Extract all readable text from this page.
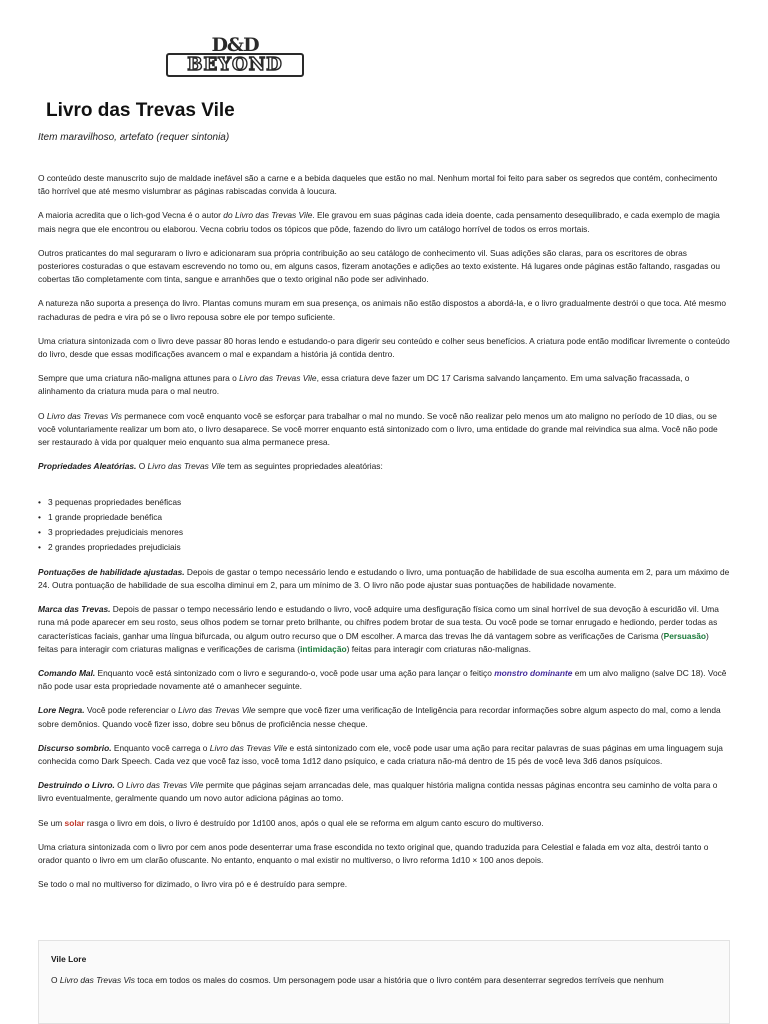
D&D
BEYOND
Livro das Trevas Vile

Item maravilhoso, artefato (requer sintonia)

O conteúdo deste manuscrito sujo de maldade inefável são a carne e a bebida daqueles que estão no mal. Nenhum mortal foi feito para saber os segredos que contém, conhecimento tão horrível que até mesmo vislumbrar as páginas rabiscadas convida à loucura.

A maioria acredita que o lich-god Vecna é o autor do Livro das Trevas Vile. Ele gravou em suas páginas cada ideia doente, cada pensamento desequilibrado, e cada exemplo de magia mais negra que ele encontrou ou elaborou. Vecna cobriu todos os tópicos que pôde, fazendo do livro um catálogo horrível de todos os erros mortais.

Outros praticantes do mal seguraram o livro e adicionaram sua própria contribuição ao seu catálogo de conhecimento vil. Suas adições são claras, para os escritores de obras posteriores costuradas o que estavam escrevendo no tomo ou, em alguns casos, fizeram anotações e adições ao texto existente. Há lugares onde páginas estão faltando, rasgadas ou cobertas tão completamente com tinta, sangue e arranhões que o texto original não pode ser adivinhado.

A natureza não suporta a presença do livro. Plantas comuns muram em sua presença, os animais não estão dispostos a abordá-la, e o livro gradualmente destrói o que toca. Até mesmo rachaduras de pedra e vira pó se o livro repousa sobre ele por tempo suficiente.

Uma criatura sintonizada com o livro deve passar 80 horas lendo e estudando-o para digerir seu conteúdo e colher seus benefícios. A criatura pode então modificar livremente o conteúdo do livro, desde que essas modificações avancem o mal e expandam a história já contida dentro.

Sempre que uma criatura não-maligna attunes para o Livro das Trevas Vile, essa criatura deve fazer um DC 17 Carisma salvando lançamento. Em uma salvação fracassada, o alinhamento da criatura muda para o mal neutro.

O Livro das Trevas Vis permanece com você enquanto você se esforçar para trabalhar o mal no mundo. Se você não realizar pelo menos um ato maligno no período de 10 dias, ou se você voluntariamente realizar um bom ato, o livro desaparece. Se você morrer enquanto está sintonizado com o livro, uma entidade do grande mal reivindica sua alma. Você não pode ser restaurado à vida por qualquer meio enquanto sua alma permanece presa.

Propriedades Aleatórias. O Livro das Trevas Vile tem as seguintes propriedades aleatórias:

• 3 pequenas propriedades benéficas
• 1 grande propriedade benéfica
• 3 propriedades prejudiciais menores
• 2 grandes propriedades prejudiciais

Pontuações de habilidade ajustadas. Depois de gastar o tempo necessário lendo e estudando o livro, uma pontuação de habilidade de sua escolha aumenta em 2, para um máximo de 24. Outra pontuação de habilidade de sua escolha diminui em 2, para um mínimo de 3. O livro não pode ajustar suas pontuações de habilidade novamente.

Marca das Trevas. Depois de passar o tempo necessário lendo e estudando o livro, você adquire uma desfiguração física como um sinal horrível de sua devoção à escuridão vil. Uma runa má pode aparecer em seu rosto, seus olhos podem se tornar preto brilhante, ou chifres podem brotar de sua testa. Ou você pode se tornar enrugado e hediondo, perder todas as características faciais, ganhar uma língua bifurcada, ou algum outro recurso que o DM escolher. A marca das trevas lhe dá vantagem sobre as verificações de Carisma (Persuasão) feitas para interagir com criaturas malignas e verificações de carisma (intimidação) feitas para interagir com criaturas não-malignas.

Comando Mal. Enquanto você está sintonizado com o livro e segurando-o, você pode usar uma ação para lançar o feitiço monstro dominante em um alvo maligno (salve DC 18). Você não pode usar esta propriedade novamente até o amanhecer seguinte.

Lore Negra. Você pode referenciar o Livro das Trevas Vile sempre que você fizer uma verificação de Inteligência para recordar informações sobre algum aspecto do mal, como a lenda sobre demônios. Quando você fizer isso, dobre seu bônus de proficiência nesse cheque.

Discurso sombrio. Enquanto você carrega o Livro das Trevas Vile e está sintonizado com ele, você pode usar uma ação para recitar palavras de suas páginas em uma linguagem suja conhecida como Dark Speech. Cada vez que você faz isso, você toma 1d12 dano psíquico, e cada criatura não-má dentro de 15 pés de você leva 3d6 danos psíquicos.

Destruindo o Livro. O Livro das Trevas Vile permite que páginas sejam arrancadas dele, mas qualquer história maligna contida nessas páginas encontra seu caminho de volta para o livro eventualmente, geralmente quando um novo autor adiciona páginas ao tomo.

Se um solar rasga o livro em dois, o livro é destruído por 1d100 anos, após o qual ele se reforma em algum canto escuro do multiverso.

Uma criatura sintonizada com o livro por cem anos pode desenterrar uma frase escondida no texto original que, quando traduzida para Celestial e falada em voz alta, destrói tanto o orador quanto o livro em um clarão ofuscante. No entanto, enquanto o mal existir no multiverso, o livro reforma 1d10 × 100 anos depois.

Se todo o mal no multiverso for dizimado, o livro vira pó e é destruído para sempre.

Vile Lore
O Livro das Trevas Vis toca em todos os males do cosmos. Um personagem pode usar a história que o livro contém para desenterrar segredos terríveis que nenhum
